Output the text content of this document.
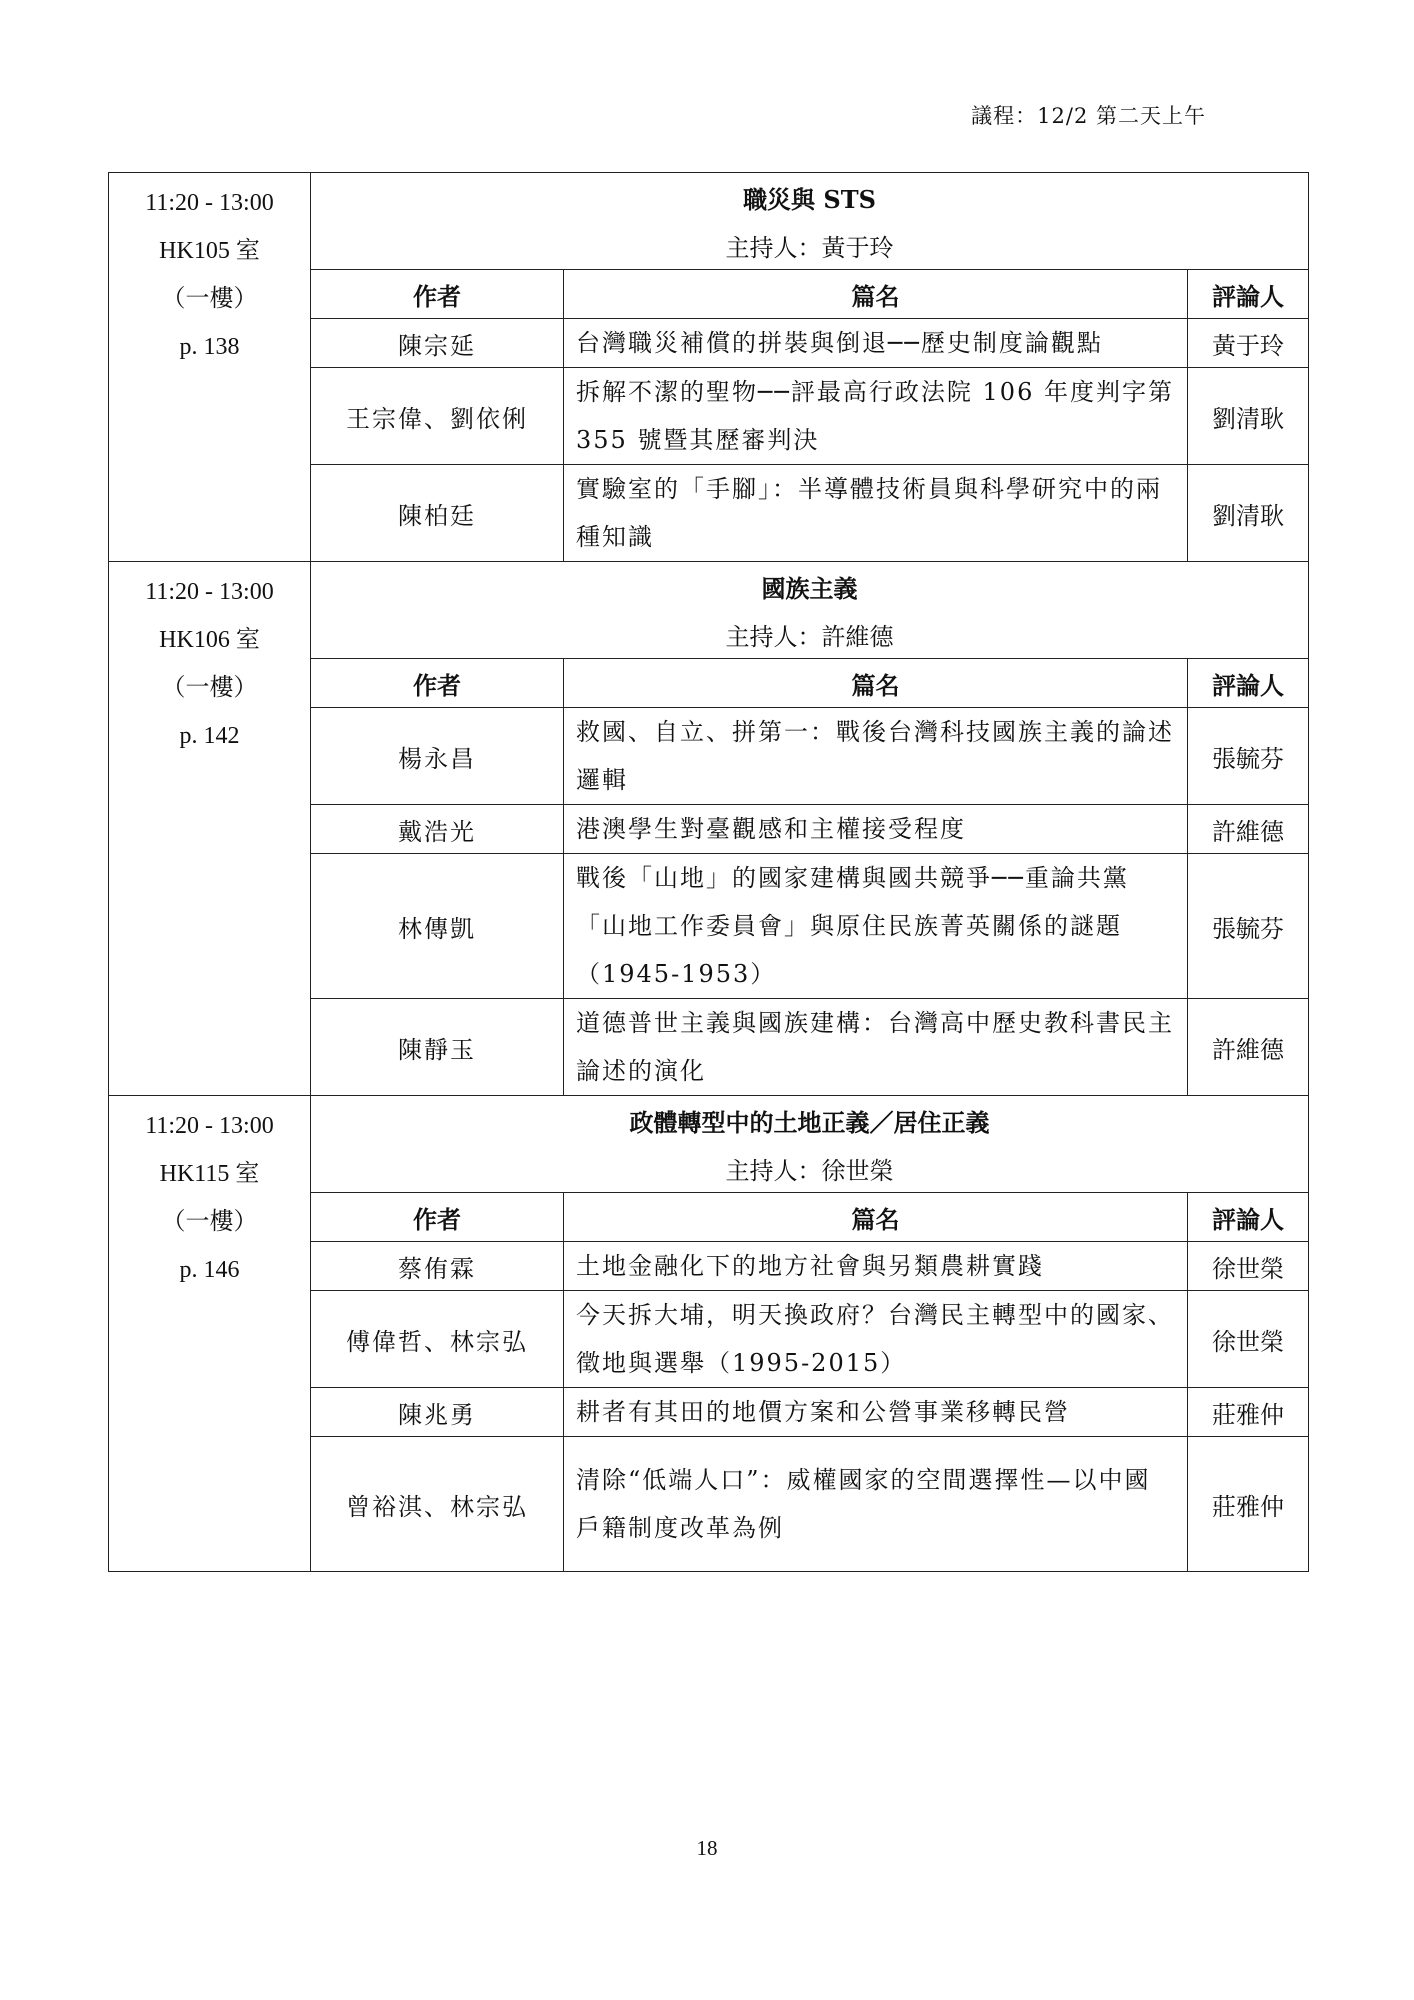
議程：12/2 第二天上午
11:20 - 13:00
HK105 室
（一樓）
p. 138	職災與 STS		
	主持人：黃于玲		
	作者	篇名	評論人
	陳宗延	台灣職災補償的拼裝與倒退──歷史制度論觀點	黃于玲
	王宗偉、劉依俐	拆解不潔的聖物──評最高行政法院 106 年度判字第 355 號暨其歷審判決	劉清耿
	陳柏廷	實驗室的「手腳」：半導體技術員與科學研究中的兩種知識	劉清耿

11:20 - 13:00
HK106 室
（一樓）
p. 142	國族主義		
	主持人：許維德		
	作者	篇名	評論人
	楊永昌	救國、自立、拼第一：戰後台灣科技國族主義的論述邏輯	張毓芬
	戴浩光	港澳學生對臺觀感和主權接受程度	許維德
	林傳凱	戰後「山地」的國家建構與國共競爭──重論共黨「山地工作委員會」與原住民族菁英關係的謎題（1945-1953）	張毓芬
	陳靜玉	道德普世主義與國族建構：台灣高中歷史教科書民主論述的演化	許維德

11:20 - 13:00
HK115 室
（一樓）
p. 146	政體轉型中的土地正義／居住正義		
	主持人：徐世榮		
	作者	篇名	評論人
	蔡侑霖	土地金融化下的地方社會與另類農耕實踐	徐世榮
	傅偉哲、林宗弘	今天拆大埔，明天換政府？台灣民主轉型中的國家、徵地與選舉（1995-2015）	徐世榮
	陳兆勇	耕者有其田的地價方案和公營事業移轉民營	莊雅仲
	曾裕淇、林宗弘	清除“低端人口”：威權國家的空間選擇性—以中國戶籍制度改革為例	莊雅仲
18
